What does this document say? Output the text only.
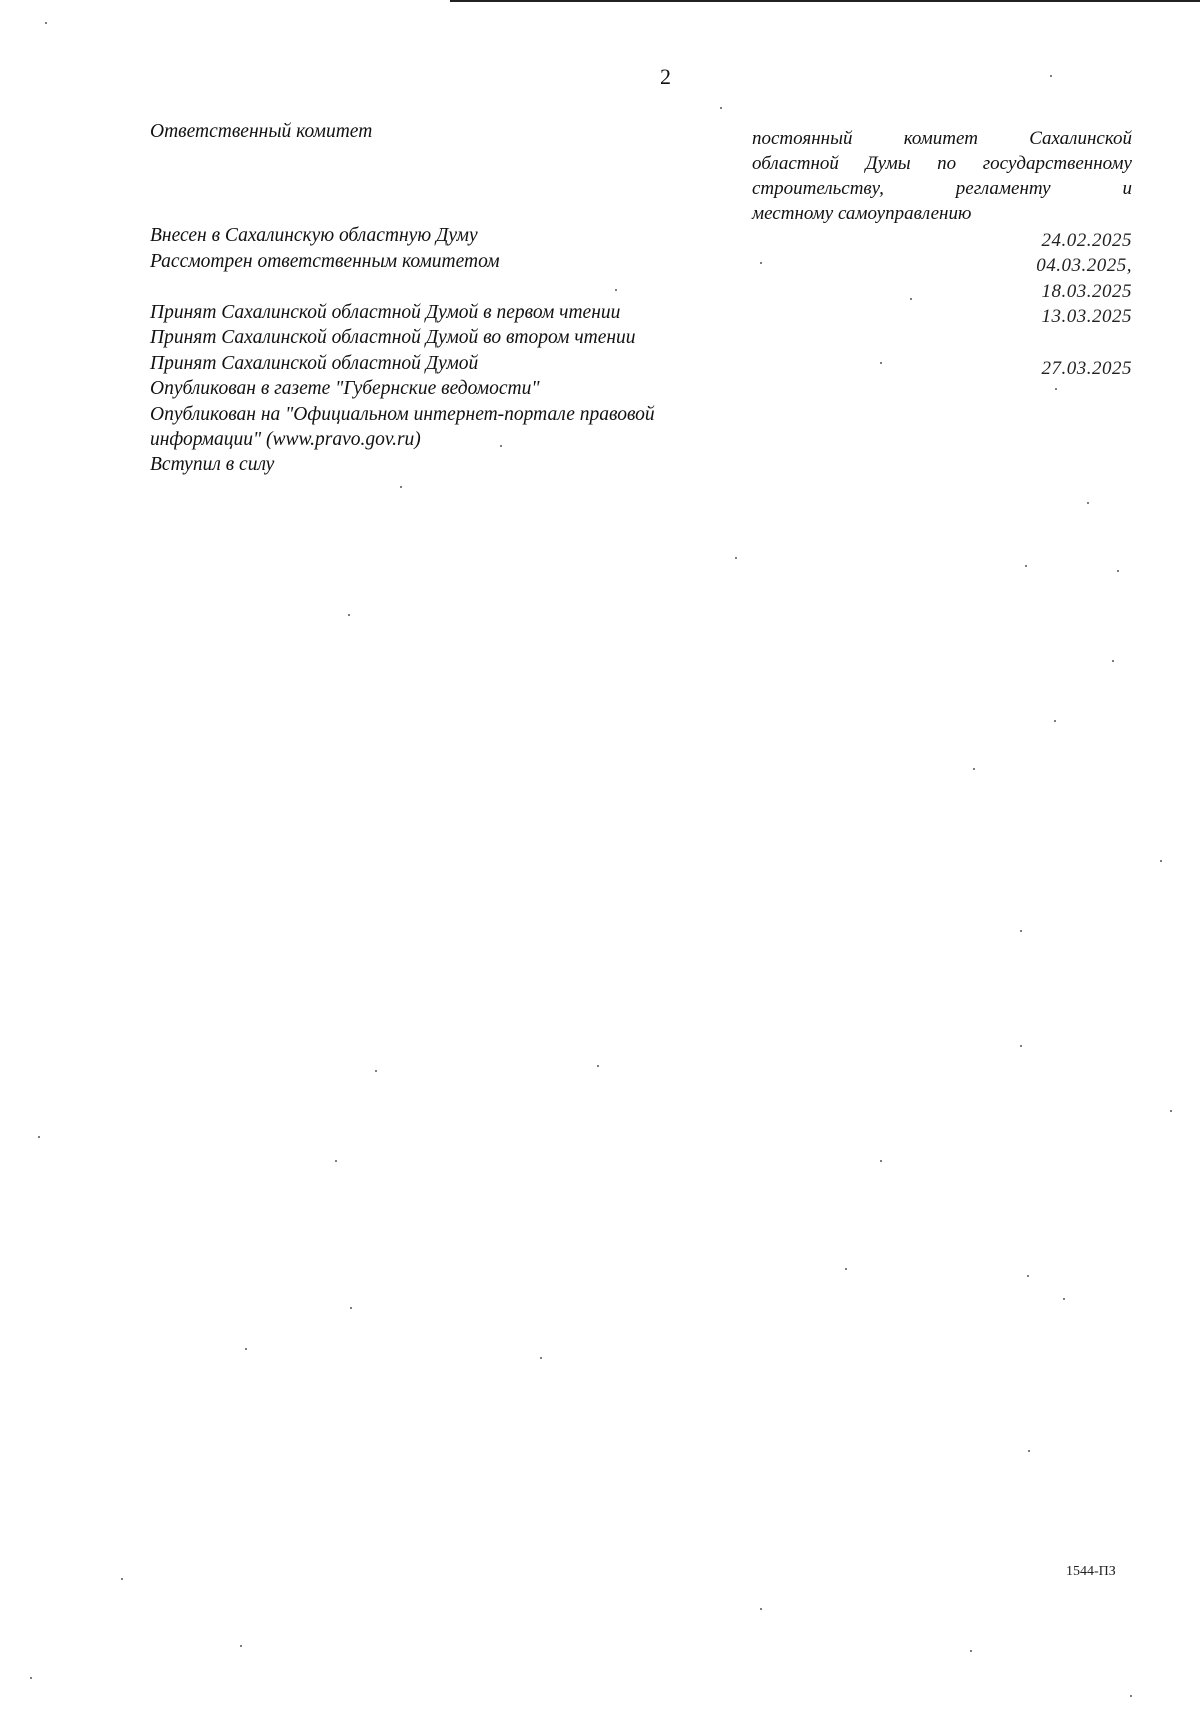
2
Ответственный комитет	постоянный комитет Сахалинской
областной Думы по государственному
строительству, регламенту и
местному самоуправлению
Внесен в Сахалинскую областную Думу	24.02.2025
Рассмотрен ответственным комитетом	04.03.2025,
18.03.2025
Принят Сахалинской областной Думой в первом чтении	13.03.2025
Принят Сахалинской областной Думой во втором чтении
Принят Сахалинской областной Думой	27.03.2025
Опубликован в газете "Губернские ведомости"
Опубликован на "Официальном интернет-портале правовой
информации" (www.pravo.gov.ru)
Вступил в силу
1544-ПЗ
